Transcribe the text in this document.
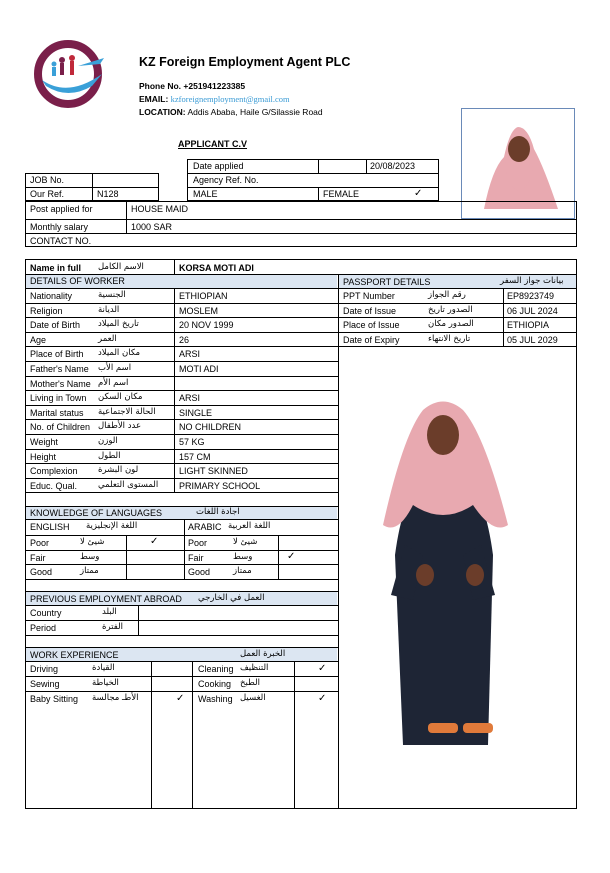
KZ Foreign Employment Agent PLC
Phone No. +251941223385
EMAIL: kzforeignemployment@gmail.com
LOCATION: Addis Ababa, Haile G/Silassie Road
APPLICANT C.V
Date applied	20/08/2023
Agency Ref. No.
MALE	FEMALE	✓
JOB No.
Our Ref.	N128
Post applied for	HOUSE MAID
Monthly salary	1000 SAR
CONTACT NO.
Name in full الاسم الكامل	KORSA MOTI ADI
DETAILS OF WORKER	PASSPORT DETAILS	بيانات جواز السفر
Nationality	الجنسية	ETHIOPIAN
Religion	الديانة	MOSLEM
Date of Birth تاريخ الميلاد	20 NOV 1999
Age	العمر	26
Place of Birth مكان الميلاد	ARSI
Father's Name اسم الأب	MOTI ADI
Mother's Name اسم الأم
Living in Town مكان السكن	ARSI
Marital status الحالة الاجتماعية	SINGLE
No. of Children عدد الأطفال	NO CHILDREN
Weight	الوزن	57 KG
Height	الطول	157 CM
Complexion لون البشرة	LIGHT SKINNED
Educ. Qual. المستوى التعلمي PRIMARY SCHOOL
PPT Number	رقم الجواز	EP8923749
Date of Issue	الصدور تاريخ	06 JUL 2024
Place of Issue	الصدور مكان	ETHIOPIA
Date of Expiry	تاريخ الانتهاء	05 JUL 2029
KNOWLEDGE OF LANGUAGES	اجادة اللغات
ENGLISH اللغة الإنجليزية	ARABIC اللغة العربية
Poor	شيئ لا	✓	Poor	شيئ لا
Fair	وسط	Fair	وسط	✓
Good	ممتاز	Good	ممتاز
PREVIOUS EMPLOYMENT ABROAD العمل في الخارجي
Country	البلد
Period	الفترة
WORK EXPERIENCE	الخبرة العمل
Driving	القيادة
Sewing	الخياطة
Baby Sitting الأطـ مجالسة	✓
Cleaning التنظيف	✓
Cooking الطبخ
Washing الغسيل	✓
